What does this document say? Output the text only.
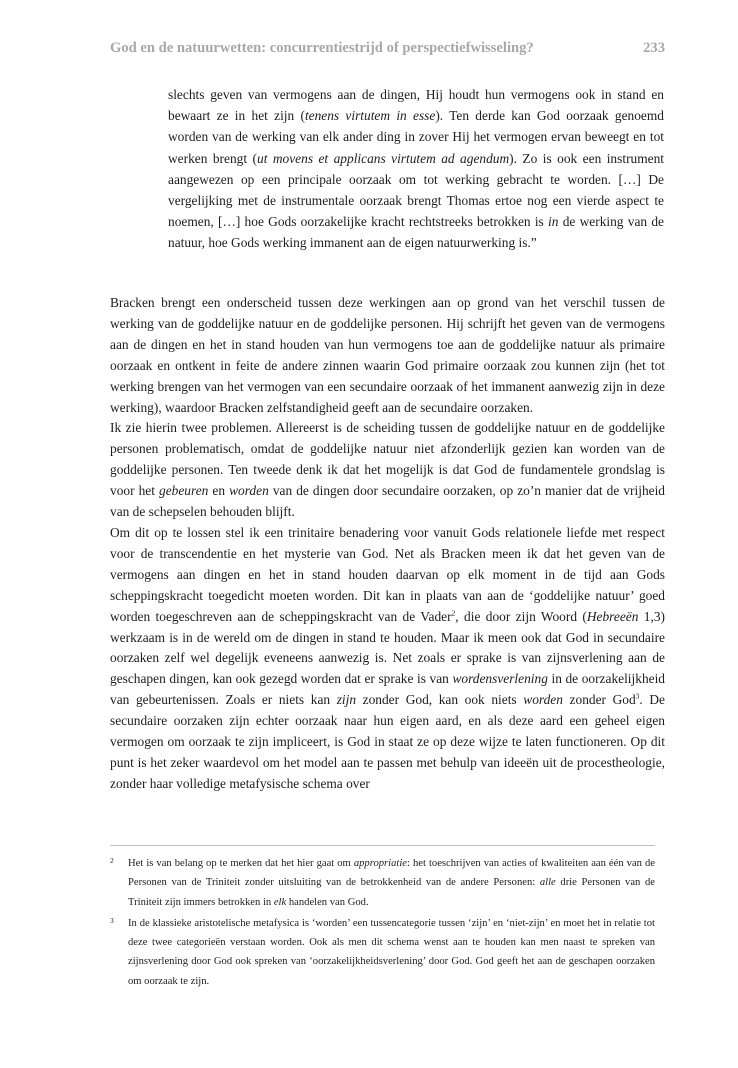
God en de natuurwetten: concurrentiestrijd of perspectiefwisseling?	233

slechts geven van vermogens aan de dingen, Hij houdt hun vermogens ook in stand en bewaart ze in het zijn (tenens virtutem in esse). Ten derde kan God oorzaak genoemd worden van de werking van elk ander ding in zover Hij het vermogen ervan beweegt en tot werken brengt (ut movens et applicans virtutem ad agendum). Zo is ook een instrument aangewezen op een principale oorzaak om tot werking gebracht te worden. […] De vergelijking met de instrumentale oorzaak brengt Thomas ertoe nog een vierde aspect te noemen, […] hoe Gods oorzakelijke kracht rechtstreeks betrokken is in de werking van de natuur, hoe Gods werking immanent aan de eigen natuurwerking is.”

Bracken brengt een onderscheid tussen deze werkingen aan op grond van het verschil tussen de werking van de goddelijke natuur en de goddelijke personen. Hij schrijft het geven van de vermogens aan de dingen en het in stand houden van hun vermogens toe aan de goddelijke natuur als primaire oorzaak en ontkent in feite de andere zinnen waarin God primaire oorzaak zou kunnen zijn (het tot werking brengen van het vermogen van een secundaire oorzaak of het immanent aanwezig zijn in deze werking), waardoor Bracken zelfstandigheid geeft aan de secundaire oorzaken.

Ik zie hierin twee problemen. Allereerst is de scheiding tussen de goddelijke natuur en de goddelijke personen problematisch, omdat de goddelijke natuur niet afzonderlijk gezien kan worden van de goddelijke personen. Ten tweede denk ik dat het mogelijk is dat God de fundamentele grondslag is voor het gebeuren en worden van de dingen door secundaire oorzaken, op zo’n manier dat de vrijheid van de schepselen behouden blijft.

Om dit op te lossen stel ik een trinitaire benadering voor vanuit Gods relationele liefde met respect voor de transcendentie en het mysterie van God. Net als Bracken meen ik dat het geven van de vermogens aan dingen en het in stand houden daarvan op elk moment in de tijd aan Gods scheppingskracht toegedicht moeten worden. Dit kan in plaats van aan de ‘goddelijke natuur’ goed worden toegeschreven aan de scheppingskracht van de Vader$^2$, die door zijn Woord (Hebreeën 1,3) werkzaam is in de wereld om de dingen in stand te houden. Maar ik meen ook dat God in secundaire oorzaken zelf wel degelijk eveneens aanwezig is. Net zoals er sprake is van zijnsverlening aan de geschapen dingen, kan ook gezegd worden dat er sprake is van wordensverlening in de oorzakelijkheid van gebeurtenissen. Zoals er niets kan zijn zonder God, kan ook niets worden zonder God$^3$. De secundaire oorzaken zijn echter oorzaak naar hun eigen aard, en als deze aard een geheel eigen vermogen om oorzaak te zijn impliceert, is God in staat ze op deze wijze te laten functioneren. Op dit punt is het zeker waardevol om het model aan te passen met behulp van ideeën uit de procestheologie, zonder haar volledige metafysische schema over

2 Het is van belang op te merken dat het hier gaat om appropriatie: het toeschrijven van acties of kwaliteiten aan één van de Personen van de Triniteit zonder uitsluiting van de betrokkenheid van de andere Personen: alle drie Personen van de Triniteit zijn immers betrokken in elk handelen van God.
3 In de klassieke aristotelische metafysica is ‘worden’ een tussencategorie tussen ‘zijn’ en ‘niet-zijn’ en moet het in relatie tot deze twee categorieën verstaan worden. Ook als men dit schema wenst aan te houden kan men naast te spreken van zijnsverlening door God ook spreken van ‘oorzakelijkheidsverlening’ door God. God geeft het aan de geschapen oorzaken om oorzaak te zijn.
